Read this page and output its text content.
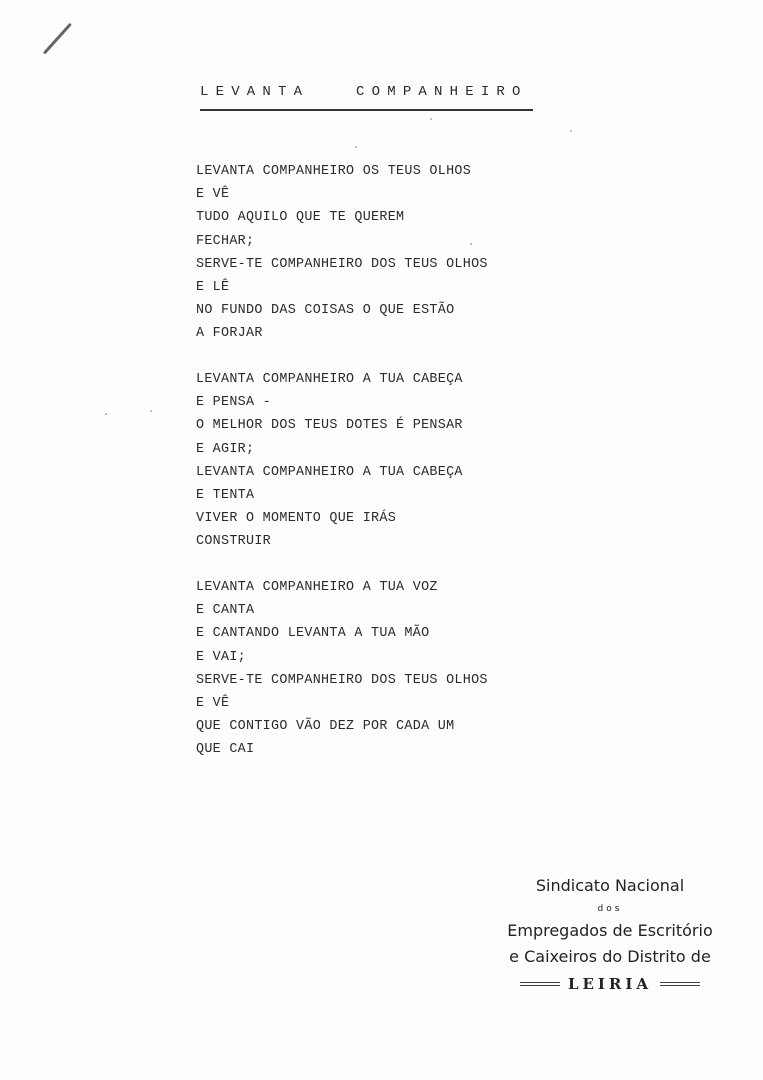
LEVANTA   COMPANHEIRO
LEVANTA COMPANHEIRO OS TEUS OLHOS
E VÊ
TUDO AQUILO QUE TE QUEREM
FECHAR;
SERVE-TE COMPANHEIRO DOS TEUS OLHOS
E LÊ
NO FUNDO DAS COISAS O QUE ESTÃO
A FORJAR
LEVANTA COMPANHEIRO A TUA CABEÇA
E PENSA -
O MELHOR DOS TEUS DOTES É PENSAR
E AGIR;
LEVANTA COMPANHEIRO A TUA CABEÇA
E TENTA
VIVER O MOMENTO QUE IRÁS
CONSTRUIR
LEVANTA COMPANHEIRO A TUA VOZ
E CANTA
E CANTANDO LEVANTA A TUA MÃO
E VAI;
SERVE-TE COMPANHEIRO DOS TEUS OLHOS
E VÊ
QUE CONTIGO VÃO DEZ POR CADA UM
QUE CAI
Sindicato Nacional
dos
Empregados de Escritório
e Caixeiros do Distrito de
LEIRIA
